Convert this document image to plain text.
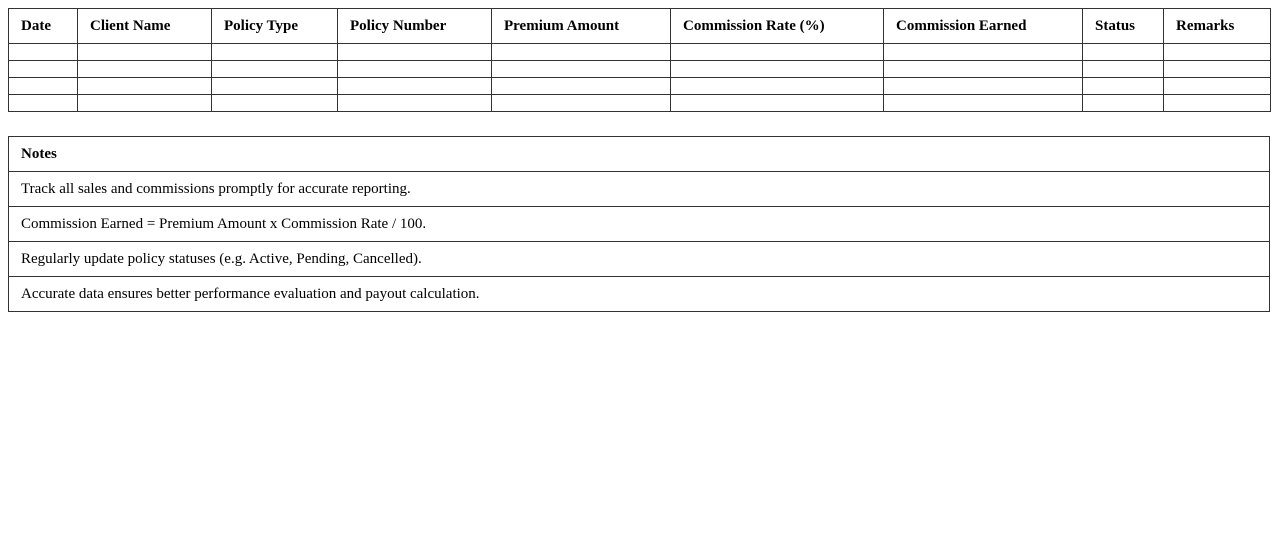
Date	Client Name	Policy Type	Policy Number	Premium Amount	Commission Rate (%)	Commission Earned	Status	Remarks

Notes
Track all sales and commissions promptly for accurate reporting.
Commission Earned = Premium Amount x Commission Rate / 100.
Regularly update policy statuses (e.g. Active, Pending, Cancelled).
Accurate data ensures better performance evaluation and payout calculation.
